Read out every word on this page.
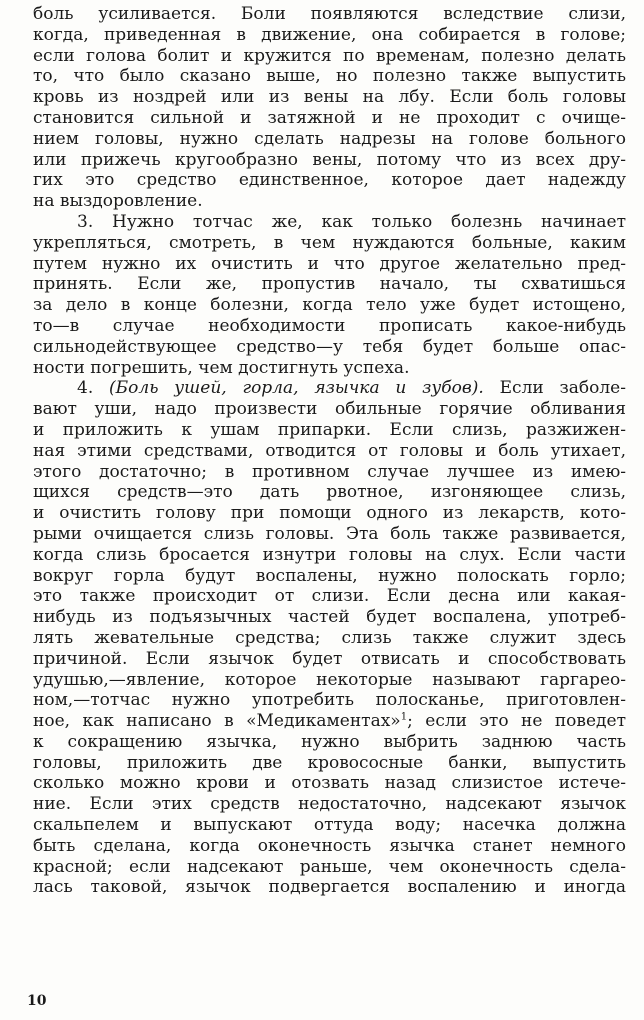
боль усиливается. Боли появляются вследствие слизи,
когда, приведенная в движение, она собирается в голове;
если голова болит и кружится по временам, полезно делать
то, что было сказано выше, но полезно также выпустить
кровь из ноздрей или из вены на лбу. Если боль головы
становится сильной и затяжной и не проходит с очище-
нием головы, нужно сделать надрезы на голове больного
или прижечь кругообразно вены, потому что из всех дру-
гих это средство единственное, которое дает надежду
на выздоровление.
3. Нужно тотчас же, как только болезнь начинает
укрепляться, смотреть, в чем нуждаются больные, каким
путем нужно их очистить и что другое желательно пред-
принять. Если же, пропустив начало, ты схватишься
за дело в конце болезни, когда тело уже будет истощено,
то—в случае необходимости прописать какое-нибудь
сильнодействующее средство—у тебя будет больше опас-
ности погрешить, чем достигнуть успеха.
4. (Боль ушей, горла, язычка и зубов). Если заболе-
вают уши, надо произвести обильные горячие обливания
и приложить к ушам припарки. Если слизь, разжижен-
ная этими средствами, отводится от головы и боль утихает,
этого достаточно; в противном случае лучшее из имею-
щихся средств—это дать рвотное, изгоняющее слизь,
и очистить голову при помощи одного из лекарств, кото-
рыми очищается слизь головы. Эта боль также развивается,
когда слизь бросается изнутри головы на слух. Если части
вокруг горла будут воспалены, нужно полоскать горло;
это также происходит от слизи. Если десна или какая-
нибудь из подъязычных частей будет воспалена, употреб-
лять жевательные средства; слизь также служит здесь
причиной. Если язычок будет отвисать и способствовать
удушью,—явление, которое некоторые называют гаргарео-
ном,—тотчас нужно употребить полосканье, приготовлен-
ное, как написано в «Медикаментах»$^1$; если это не поведет
к сокращению язычка, нужно выбрить заднюю часть
головы, приложить две кровососные банки, выпустить
сколько можно крови и отозвать назад слизистое истече-
ние. Если этих средств недостаточно, надсекают язычок
скальпелем и выпускают оттуда воду; насечка должна
быть сделана, когда оконечность язычка станет немного
красной; если надсекают раньше, чем оконечность сдела-
лась таковой, язычок подвергается воспалению и иногда
10
